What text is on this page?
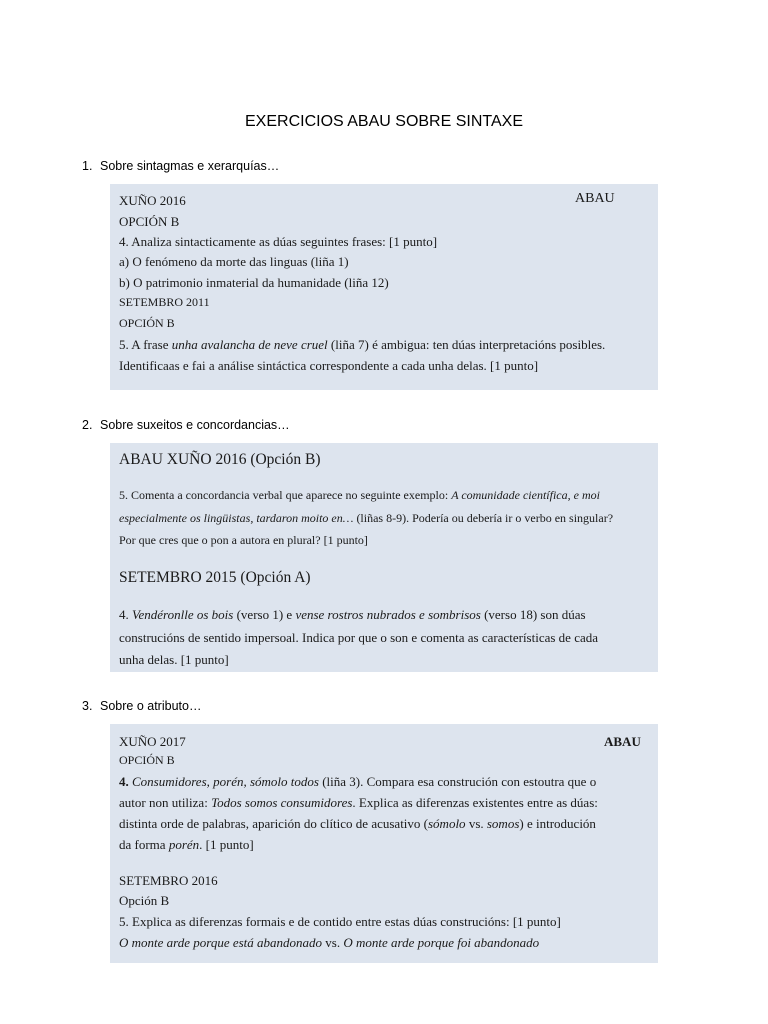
EXERCICIOS ABAU SOBRE SINTAXE
1. Sobre sintagmas e xerarquías…
XUÑO 2016	ABAU
OPCIÓN B
4. Analiza sintacticamente as dúas seguintes frases: [1 punto]
a) O fenómeno da morte das linguas (liña 1)
b) O patrimonio inmaterial da humanidade (liña 12)
SETEMBRO 2011
OPCIÓN B
5. A frase unha avalancha de neve cruel (liña 7) é ambigua: ten dúas interpretacións posibles.
Identificaas e fai a análise sintáctica correspondente a cada unha delas. [1 punto]
2. Sobre suxeitos e concordancias…
ABAU XUÑO 2016 (Opción B)
5. Comenta a concordancia verbal que aparece no seguinte exemplo: A comunidade científica, e moi
especialmente os lingüistas, tardaron moito en… (liñas 8-9). Podería ou debería ir o verbo en singular?
Por que cres que o pon a autora en plural? [1 punto]
SETEMBRO 2015 (Opción A)
4. Vendéronlle os bois (verso 1) e vense rostros nubrados e sombrisos (verso 18) son dúas
construcións de sentido impersoal. Indica por que o son e comenta as características de cada
unha delas. [1 punto]
3. Sobre o atributo…
XUÑO 2017	ABAU
OPCIÓN B
4. Consumidores, porén, sómolo todos (liña 3). Compara esa construción con estoutra que o
autor non utiliza: Todos somos consumidores. Explica as diferenzas existentes entre as dúas:
distinta orde de palabras, aparición do clítico de acusativo (sómolo vs. somos) e introdución
da forma porén. [1 punto]
SETEMBRO 2016
Opción B
5. Explica as diferenzas formais e de contido entre estas dúas construcións: [1 punto]
O monte arde porque está abandonado vs. O monte arde porque foi abandonado
